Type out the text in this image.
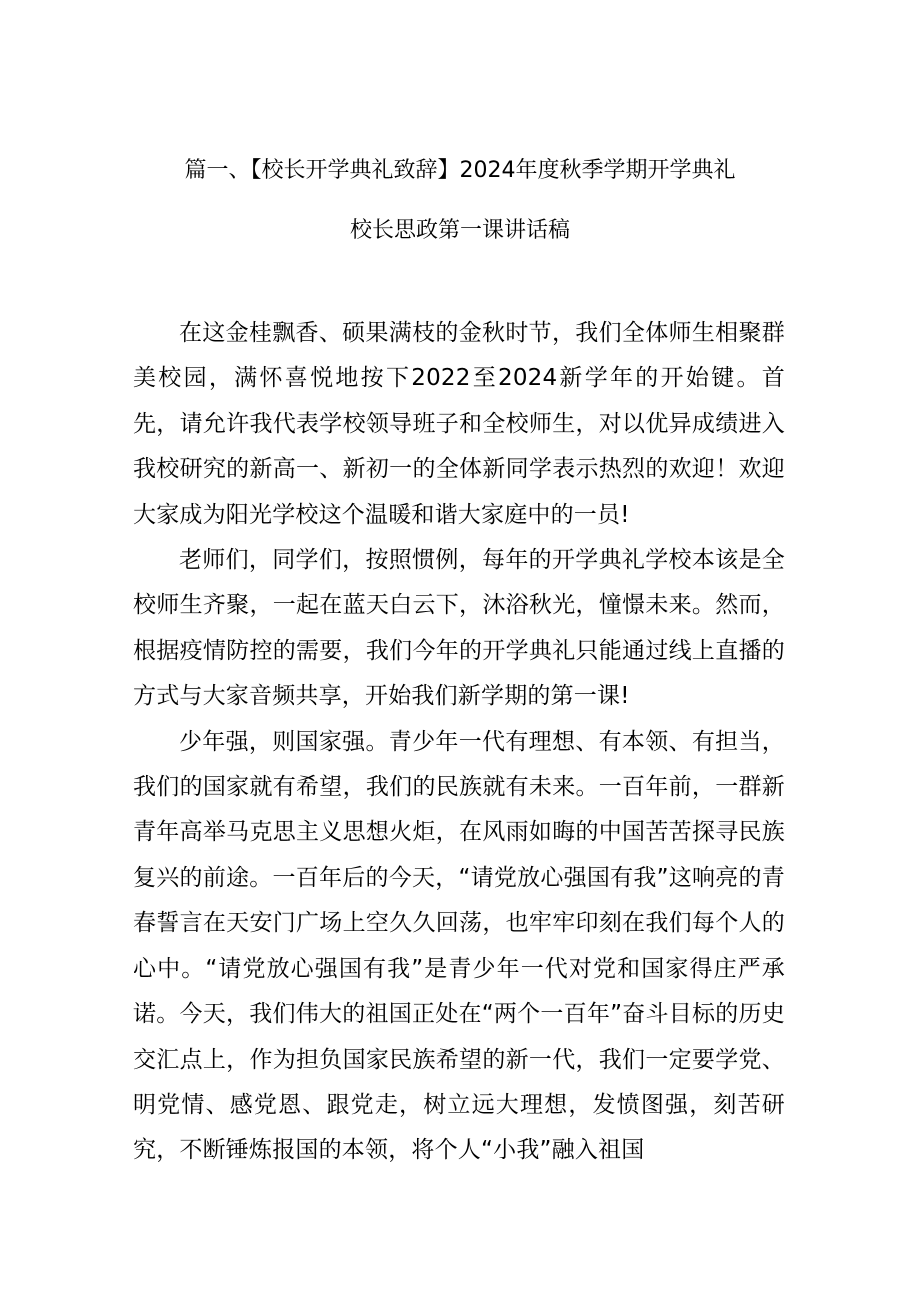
篇一、【校长开学典礼致辞】2024年度秋季学期开学典礼
校长思政第一课讲话稿

在这金桂飘香、硕果满枝的金秋时节，我们全体师生相聚群美校园，满怀喜悦地按下2022至2024新学年的开始键。首先，请允许我代表学校领导班子和全校师生，对以优异成绩进入我校研究的新高一、新初一的全体新同学表示热烈的欢迎！欢迎大家成为阳光学校这个温暖和谐大家庭中的一员!

老师们，同学们，按照惯例，每年的开学典礼学校本该是全校师生齐聚，一起在蓝天白云下，沐浴秋光，憧憬未来。然而，根据疫情防控的需要，我们今年的开学典礼只能通过线上直播的方式与大家音频共享，开始我们新学期的第一课!

少年强，则国家强。青少年一代有理想、有本领、有担当，我们的国家就有希望，我们的民族就有未来。一百年前，一群新青年高举马克思主义思想火炬，在风雨如晦的中国苦苦探寻民族复兴的前途。一百年后的今天，“请党放心强国有我”这响亮的青春誓言在天安门广场上空久久回荡，也牢牢印刻在我们每个人的心中。“请党放心强国有我”是青少年一代对党和国家得庄严承诺。今天，我们伟大的祖国正处在“两个一百年”奋斗目标的历史交汇点上，作为担负国家民族希望的新一代，我们一定要学党、明党情、感党恩、跟党走，树立远大理想，发愤图强，刻苦研究，不断锤炼报国的本领，将个人“小我”融入祖国
